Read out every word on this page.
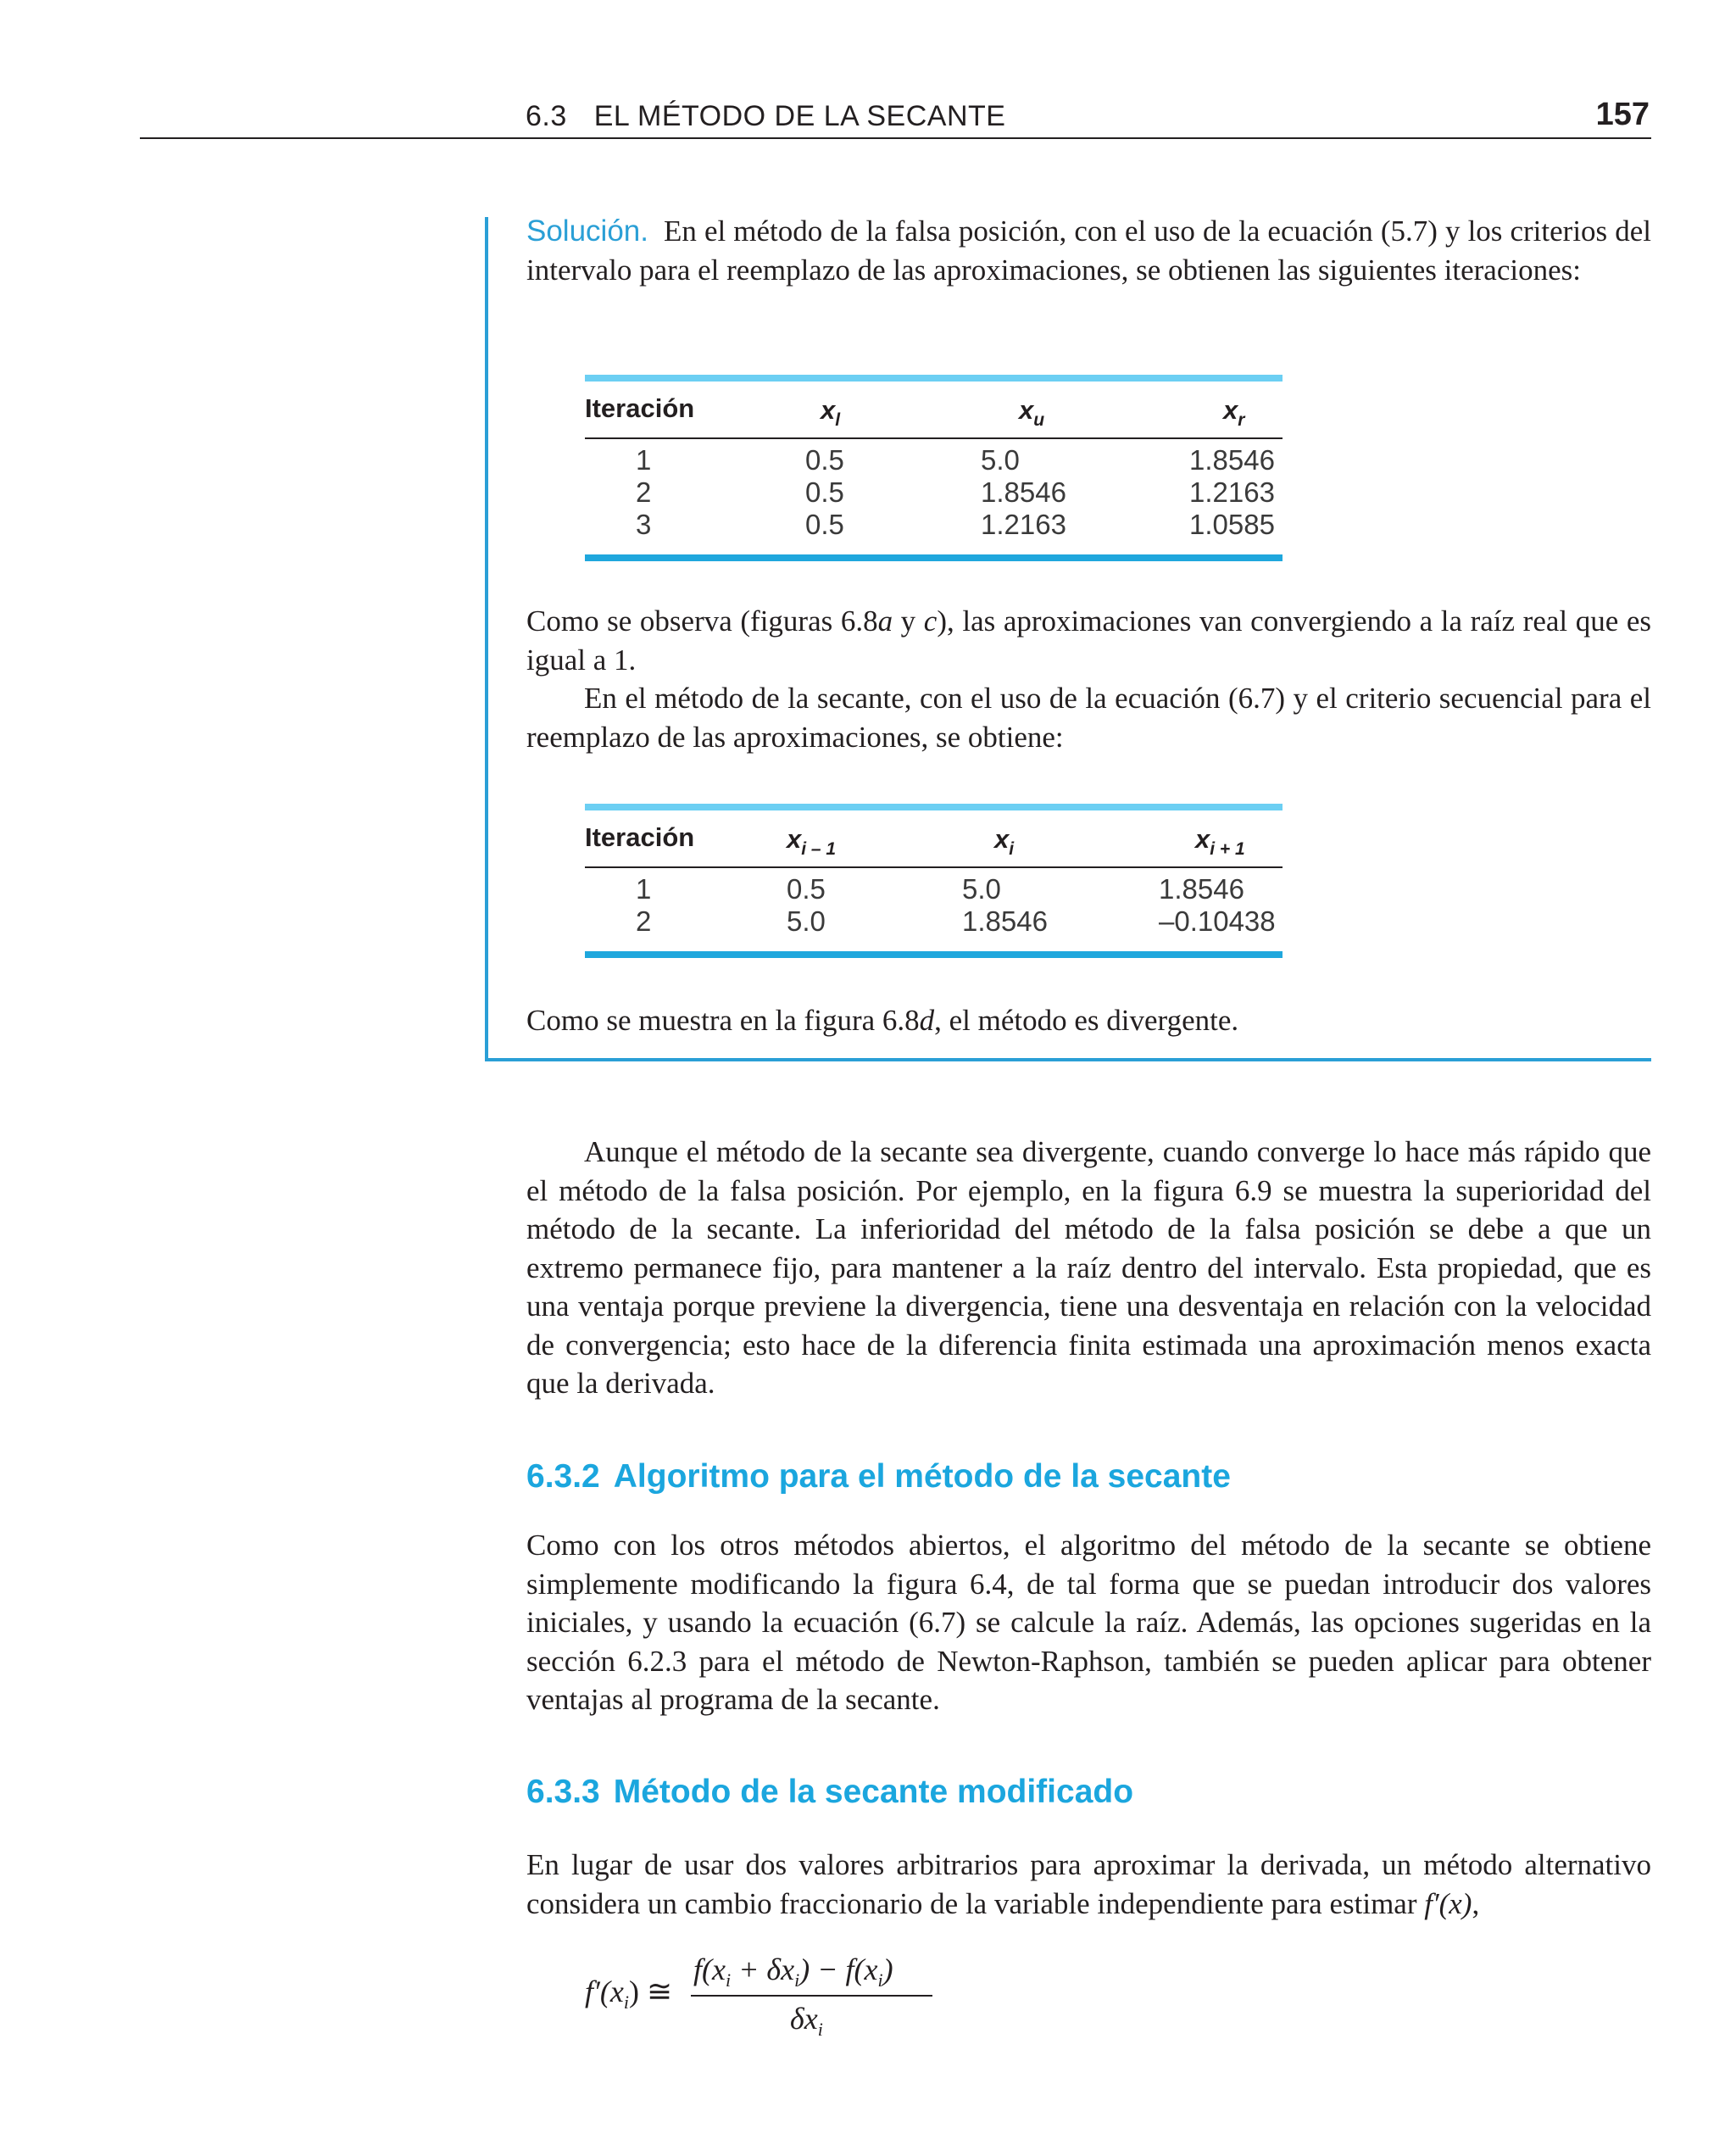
6.3 EL MÉTODO DE LA SECANTE	157

Solución. En el método de la falsa posición, con el uso de la ecuación (5.7) y los criterios del intervalo para el reemplazo de las aproximaciones, se obtienen las siguientes iteraciones:

Iteración	$x_l$	$x_u$	$x_r$
1	0.5	5.0	1.8546
2	0.5	1.8546	1.2163
3	0.5	1.2163	1.0585

Como se observa (figuras 6.8a y c), las aproximaciones van convergiendo a la raíz real que es igual a 1.

En el método de la secante, con el uso de la ecuación (6.7) y el criterio secuencial para el reemplazo de las aproximaciones, se obtiene:

Iteración	$x_{i - 1}$	$x_i$	$x_{i + 1}$
1	0.5	5.0	1.8546
2	5.0	1.8546	–0.10438

Como se muestra en la figura 6.8d, el método es divergente.

Aunque el método de la secante sea divergente, cuando converge lo hace más rápido que el método de la falsa posición. Por ejemplo, en la figura 6.9 se muestra la superioridad del método de la secante. La inferioridad del método de la falsa posición se debe a que un extremo permanece fijo, para mantener a la raíz dentro del intervalo. Esta propiedad, que es una ventaja porque previene la divergencia, tiene una desventaja en relación con la velocidad de convergencia; esto hace de la diferencia finita estimada una aproximación menos exacta que la derivada.

6.3.2 Algoritmo para el método de la secante

Como con los otros métodos abiertos, el algoritmo del método de la secante se obtiene simplemente modificando la figura 6.4, de tal forma que se puedan introducir dos valores iniciales, y usando la ecuación (6.7) se calcule la raíz. Además, las opciones sugeridas en la sección 6.2.3 para el método de Newton-Raphson, también se pueden aplicar para obtener ventajas al programa de la secante.

6.3.3 Método de la secante modificado

En lugar de usar dos valores arbitrarios para aproximar la derivada, un método alternativo considera un cambio fraccionario de la variable independiente para estimar f′(x),

$f'(x_i)$ ≅
$f(x_i + \delta x_i) - f(x_i)$
$\delta x_i$
